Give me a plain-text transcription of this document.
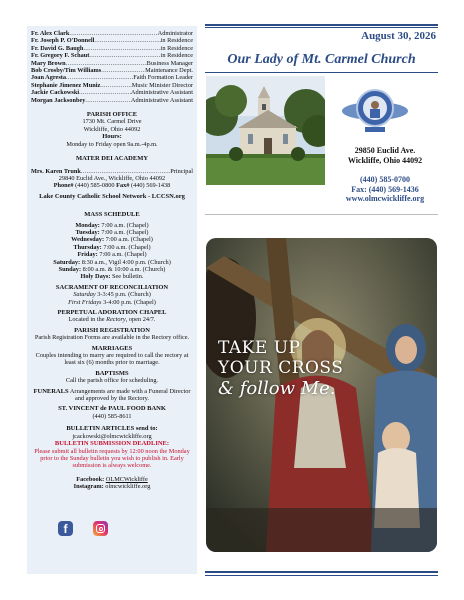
Fr. Alex Clark .....	Administrator
Fr. Joseph P. O'Donnell .....	in Residence
Fr. David G. Baugh .....	in Residence
Fr. Gregory F. Schaut .....	in Residence
Mary Brown .....	Business Manager
Bob Crosby/Tim Williams .....	Maintenance Dept.
Joan Agresta .....	Faith Formation Leader
Stephanie Jimenez Muniz .....	Music Minister Director
Jackie Cackowski .....	Administrative Assistant
Morgan Jacksonbey .....	Administrative Assistant
PARISH OFFICE
1730 Mt. Carmel Drive
Wickliffe, Ohio 44092
Hours:
Monday to Friday open 9a.m.-4p.m.
MATER DEI ACADEMY
Mrs. Karen Trunk .....	Principal
29840 Euclid Ave., Wickliffe, Ohio 44092
Phone# (440) 585-0800 Fax# (440) 569-1438
Lake County Catholic School Network - LCCSN.org
MASS SCHEDULE
Monday: 7:00 a.m. (Chapel)
Tuesday: 7:00 a.m. (Chapel)
Wednesday: 7:00 a.m. (Chapel)
Thursday: 7:00 a.m. (Chapel)
Friday: 7:00 a.m. (Chapel)
Saturday: 8:30 a.m., Vigil 4:00 p.m. (Church)
Sunday: 8:00 a.m. & 10:00 a.m. (Church)
Holy Days: See bulletin.
SACRAMENT OF RECONCILIATION
Saturday 3-3:45 p.m. (Church)
First Fridays 3-4:00 p.m. (Chapel)
PERPETUAL ADORATION CHAPEL
Located in the Rectory, open 24/7.
PARISH REGISTRATION
Parish Registration Forms are available in the Rectory office.
MARRIAGES
Couples intending to marry are required to call the rectory at least six (6) months prior to marriage.
BAPTISMS
Call the parish office for scheduling.
FUNERALS Arrangements are made with a Funeral Director and approved by the Rectory.
ST. VINCENT de PAUL FOOD BANK
(440) 585-8611
BULLETIN ARTICLES send to:
jcackowski@olmcwickliffe.org
BULLETIN SUBMISSION DEADLINE:
Please submit all bulletin requests by 12:00 noon the Monday prior to the Sunday bulletin you wish to publish in. Early submission is always welcome.
Facebook: OLMCWickliffe
Instagram: olmcwickliffe.org
f
August 30, 2026
Our Lady of Mt. Carmel Church
29850 Euclid Ave.
Wickliffe, Ohio 44092
(440) 585-0700
Fax: (440) 569-1436
www.olmcwickliffe.org
TAKE UP
YOUR CROSS
& follow Me.
